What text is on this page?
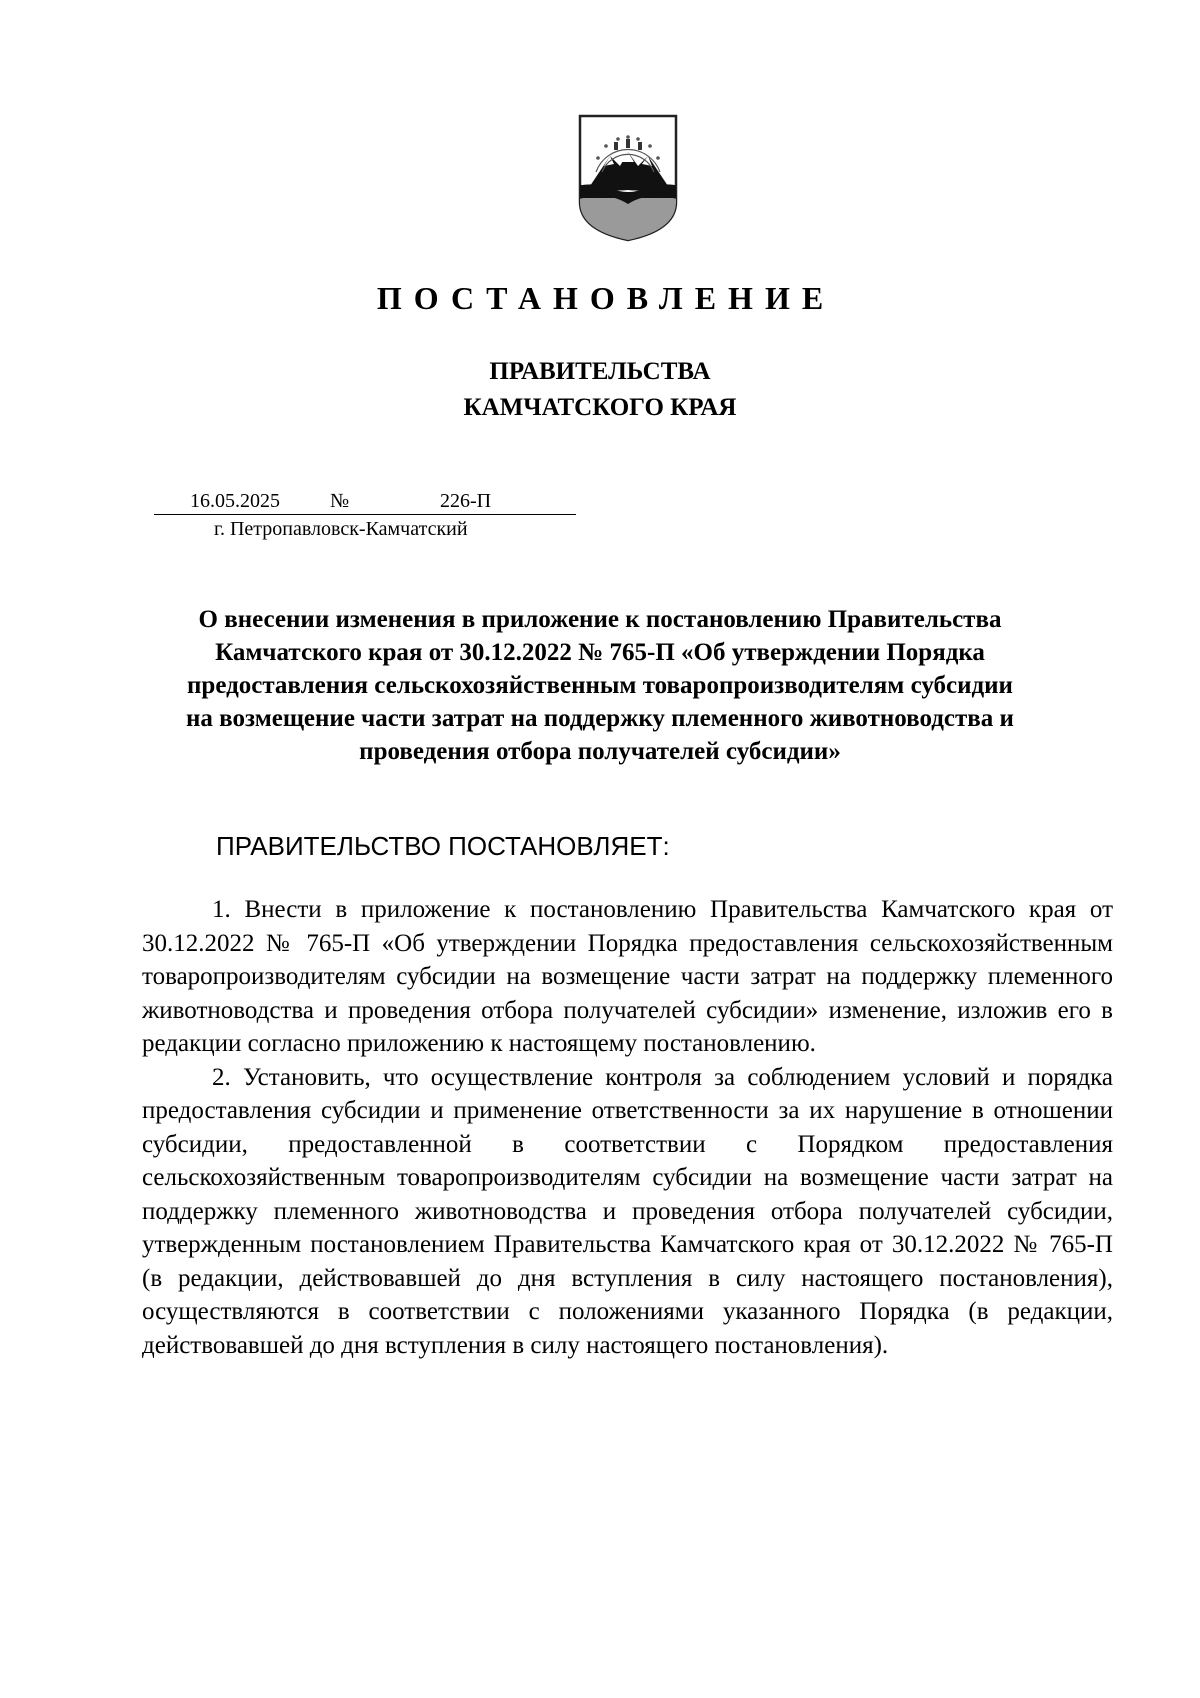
ПОСТАНОВЛЕНИЕ
ПРАВИТЕЛЬСТВА
КАМЧАТСКОГО КРАЯ
16.05.2025	№	226-П
г. Петропавловск-Камчатский
О внесении изменения в приложение к постановлению Правительства
Камчатского края от 30.12.2022 № 765-П «Об утверждении Порядка
предоставления сельскохозяйственным товаропроизводителям субсидии
на возмещение части затрат на поддержку племенного животноводства и
проведения отбора получателей субсидии»
ПРАВИТЕЛЬСТВО ПОСТАНОВЛЯЕТ:

1. Внести в приложение к постановлению Правительства Камчатского края от 30.12.2022 № 765-П «Об утверждении Порядка предоставления сельскохозяйственным товаропроизводителям субсидии на возмещение части затрат на поддержку племенного животноводства и проведения отбора получателей субсидии» изменение, изложив его в редакции согласно приложению к настоящему постановлению.

2. Установить, что осуществление контроля за соблюдением условий и порядка предоставления субсидии и применение ответственности за их нарушение в отношении субсидии, предоставленной в соответствии с Порядком предоставления сельскохозяйственным товаропроизводителям субсидии на возмещение части затрат на поддержку племенного животноводства и проведения отбора получателей субсидии, утвержденным постановлением Правительства Камчатского края от 30.12.2022 № 765-П (в редакции, действовавшей до дня вступления в силу настоящего постановления), осуществляются в соответствии с положениями указанного Порядка (в редакции, действовавшей до дня вступления в силу настоящего постановления).
